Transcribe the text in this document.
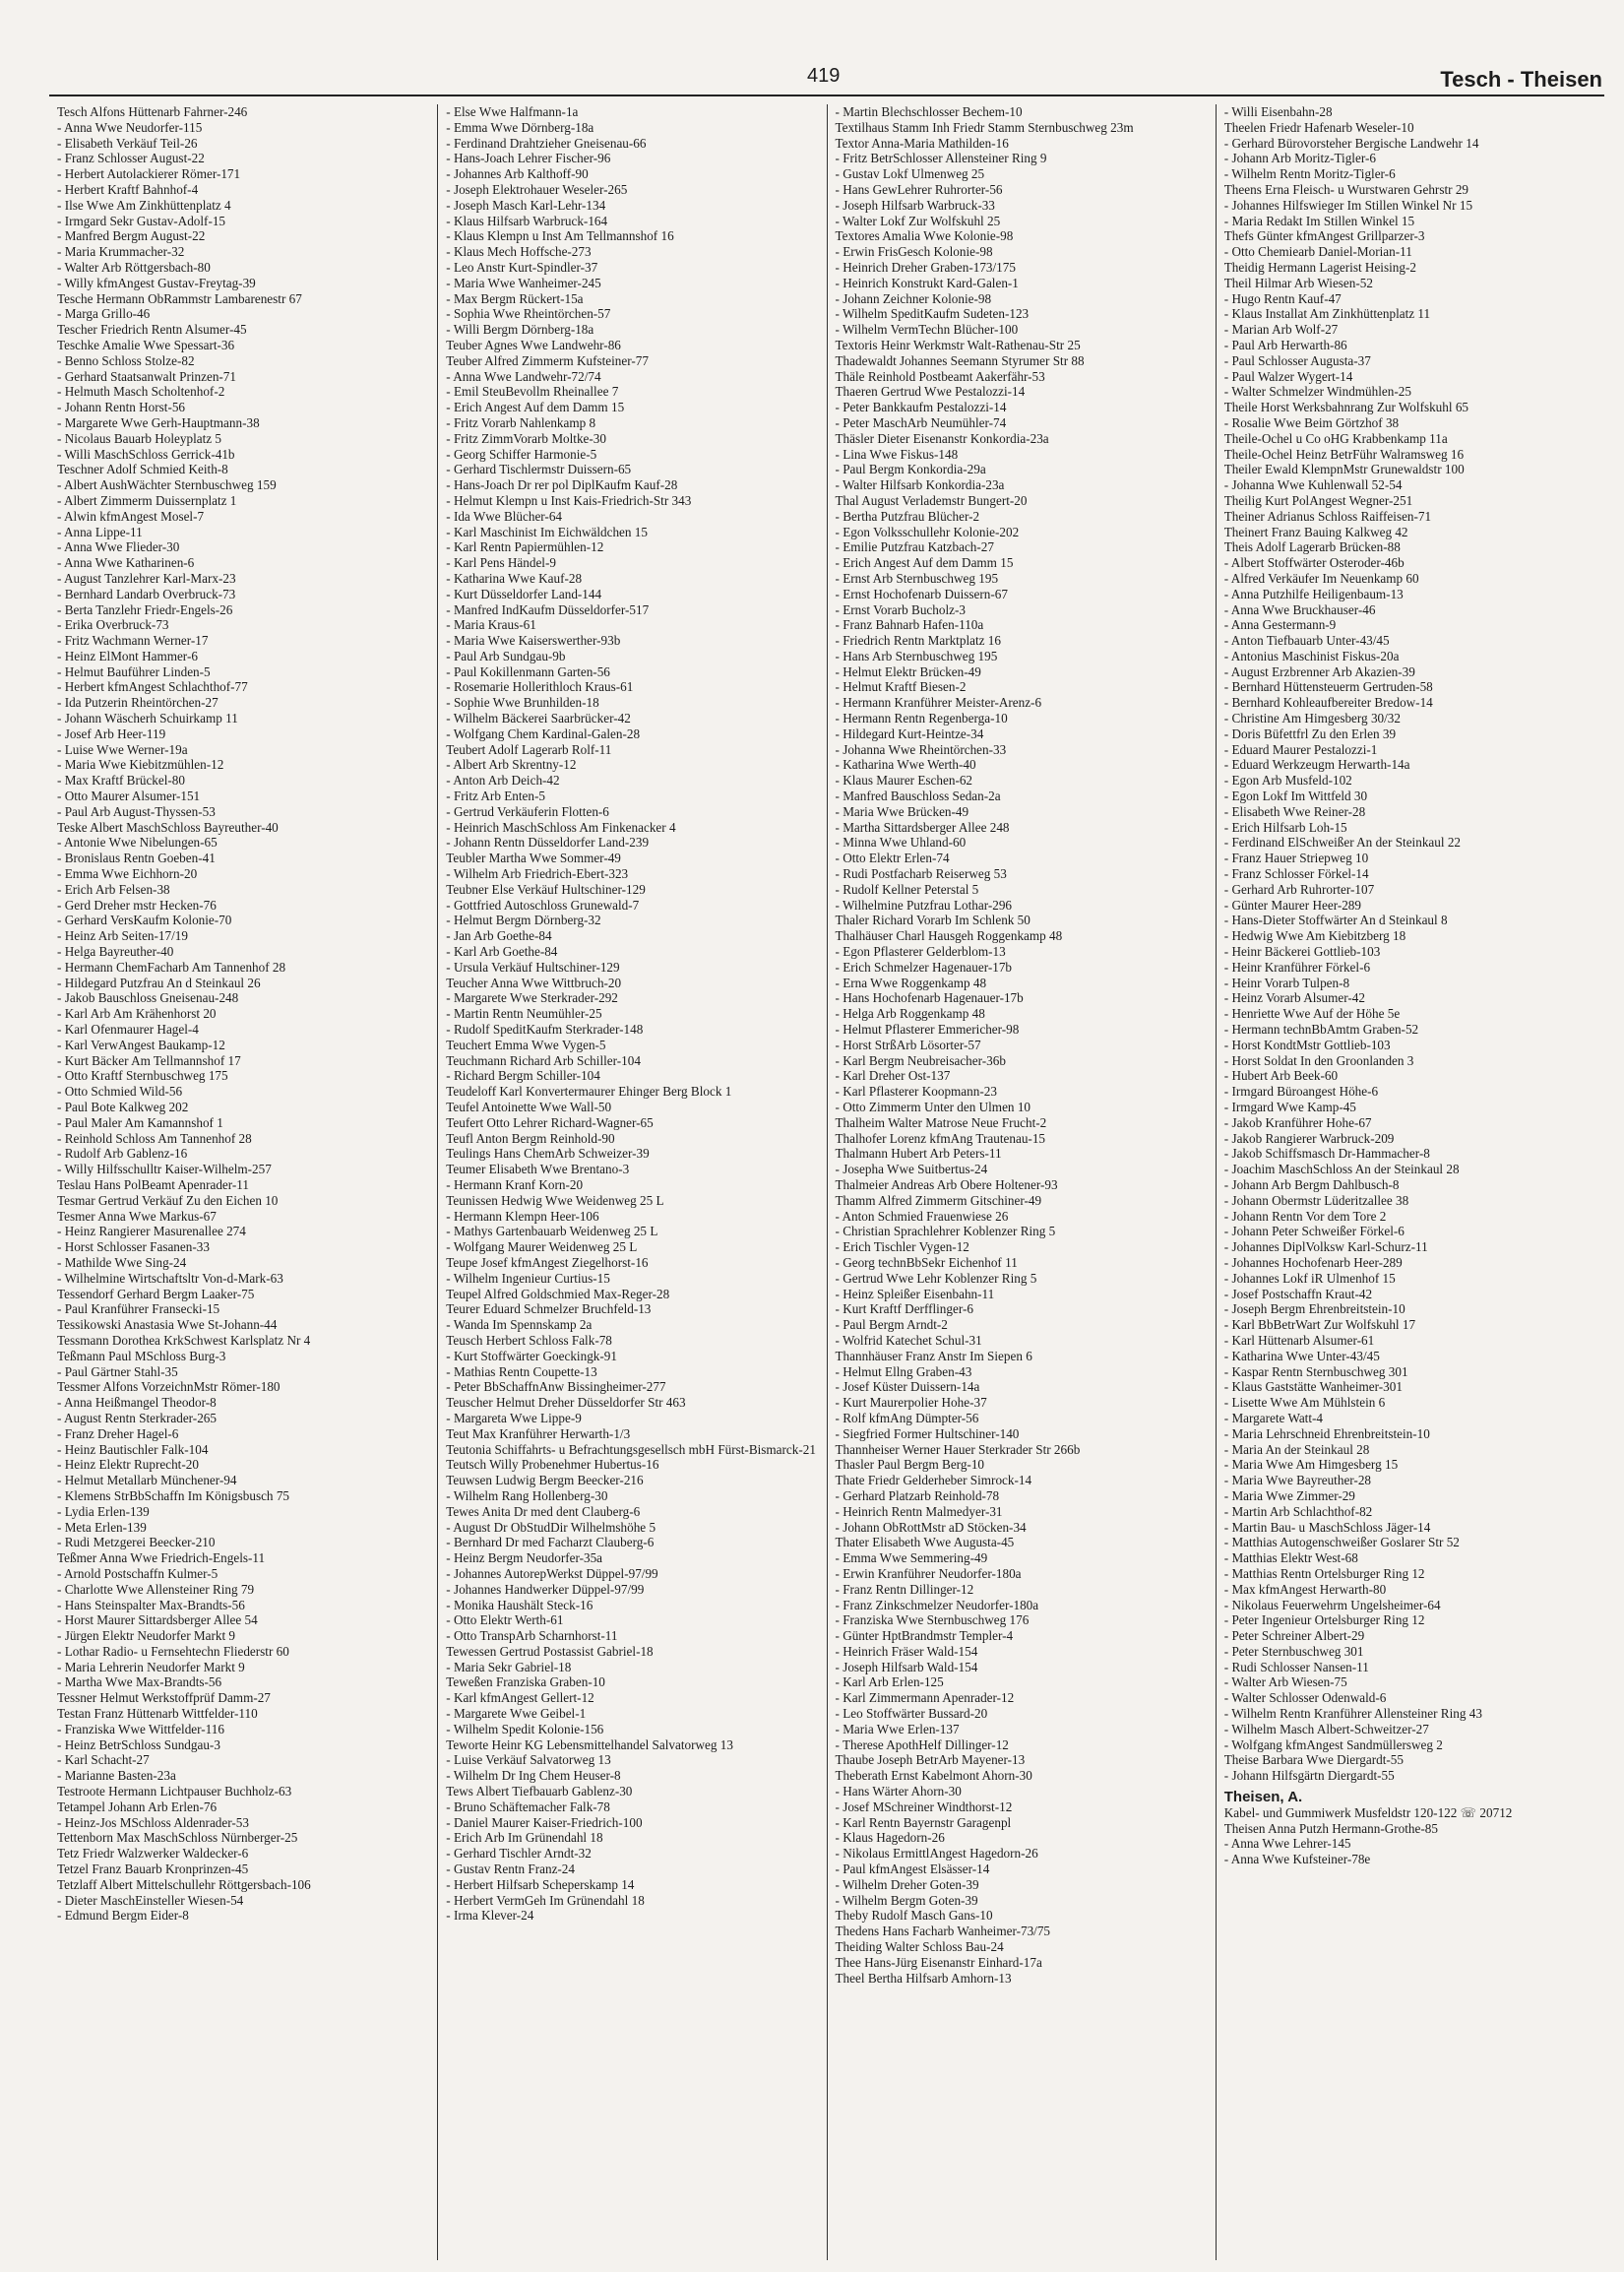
419	Tesch - Theisen
Tesch Alfons Hüttenarb Fahrner-246
- Anna Wwe Neudorfer-115
- Elisabeth Verkäuf Teil-26
- Franz Schlosser August-22
- Herbert Autolackierer Römer-171
- Herbert Kraftf Bahnhof-4
- Ilse Wwe Am Zinkhüttenplatz 4
- Irmgard Sekr Gustav-Adolf-15
- Manfred Bergm August-22
- Maria Krummacher-32
- Walter Arb Röttgersbach-80
- Willy kfmAngest Gustav-Freytag-39
Tesche Hermann ObRammstr Lambarenestr 67
- Marga Grillo-46
Tescher Friedrich Rentn Alsumer-45
Teschke Amalie Wwe Spessart-36
- Benno Schloss Stolze-82
- Gerhard Staatsanwalt Prinzen-71
- Helmuth Masch Scholtenhof-2
- Johann Rentn Horst-56
- Margarete Wwe Gerh-Hauptmann-38
- Nicolaus Bauarb Holeyplatz 5
- Willi MaschSchloss Gerrick-41b
Teschner Adolf Schmied Keith-8
- Albert AushWächter Sternbuschweg 159
- Albert Zimmerm Duissernplatz 1
- Alwin kfmAngest Mosel-7
- Anna Lippe-11
- Anna Wwe Flieder-30
- Anna Wwe Katharinen-6
- August Tanzlehrer Karl-Marx-23
- Bernhard Landarb Overbruck-73
- Berta Tanzlehr Friedr-Engels-26
- Erika Overbruck-73
- Fritz Wachmann Werner-17
- Heinz ElMont Hammer-6
- Helmut Bauführer Linden-5
- Herbert kfmAngest Schlachthof-77
- Ida Putzerin Rheintörchen-27
- Johann Wäscherh Schuirkamp 11
- Josef Arb Heer-119
- Luise Wwe Werner-19a
- Maria Wwe Kiebitzmühlen-12
- Max Kraftf Brückel-80
- Otto Maurer Alsumer-151
- Paul Arb August-Thyssen-53
Teske Albert MaschSchloss Bayreuther-40
- Antonie Wwe Nibelungen-65
- Bronislaus Rentn Goeben-41
- Emma Wwe Eichhorn-20
- Erich Arb Felsen-38
- Gerd Dreher mstr Hecken-76
- Gerhard VersKaufm Kolonie-70
- Heinz Arb Seiten-17/19
- Helga Bayreuther-40
- Hermann ChemFacharb Am Tannenhof 28
- Hildegard Putzfrau An d Steinkaul 26
- Jakob Bauschloss Gneisenau-248
- Karl Arb Am Krähenhorst 20
- Karl Ofenmaurer Hagel-4
- Karl VerwAngest Baukamp-12
- Kurt Bäcker Am Tellmannshof 17
- Otto Kraftf Sternbuschweg 175
- Otto Schmied Wild-56
- Paul Bote Kalkweg 202
- Paul Maler Am Kamannshof 1
- Reinhold Schloss Am Tannenhof 28
- Rudolf Arb Gablenz-16
- Willy Hilfsschulltr Kaiser-Wilhelm-257
Teslau Hans PolBeamt Apenrader-11
Tesmar Gertrud Verkäuf Zu den Eichen 10
Tesmer Anna Wwe Markus-67
- Heinz Rangierer Masurenallee 274
- Horst Schlosser Fasanen-33
- Mathilde Wwe Sing-24
- Wilhelmine Wirtschaftsltr Von-d-Mark-63
Tessendorf Gerhard Bergm Laaker-75
- Paul Kranführer Fransecki-15
Tessikowski Anastasia Wwe St-Johann-44
Tessmann Dorothea KrkSchwest Karlsplatz Nr 4
Teßmann Paul MSchloss Burg-3
- Paul Gärtner Stahl-35
Tessmer Alfons VorzeichnMstr Römer-180
- Anna Heißmangel Theodor-8
- August Rentn Sterkrader-265
- Franz Dreher Hagel-6
- Heinz Bautischler Falk-104
- Heinz Elektr Ruprecht-20
- Helmut Metallarb Münchener-94
- Klemens StrBbSchaffn Im Königsbusch 75
- Lydia Erlen-139
- Meta Erlen-139
- Rudi Metzgerei Beecker-210
Teßmer Anna Wwe Friedrich-Engels-11
- Arnold Postschaffn Kulmer-5
- Charlotte Wwe Allensteiner Ring 79
- Hans Steinspalter Max-Brandts-56
- Horst Maurer Sittardsberger Allee 54
- Jürgen Elektr Neudorfer Markt 9
- Lothar Radio- u Fernsehtechn Fliederstr 60
- Maria Lehrerin Neudorfer Markt 9
- Martha Wwe Max-Brandts-56
Tessner Helmut Werkstoffprüf Damm-27
Testan Franz Hüttenarb Wittfelder-110
- Franziska Wwe Wittfelder-116
- Heinz BetrSchloss Sundgau-3
- Karl Schacht-27
- Marianne Basten-23a
Testroote Hermann Lichtpauser Buchholz-63
Tetampel Johann Arb Erlen-76
- Heinz-Jos MSchloss Aldenrader-53
Tettenborn Max MaschSchloss Nürnberger-25
Tetz Friedr Walzwerker Waldecker-6
Tetzel Franz Bauarb Kronprinzen-45
Tetzlaff Albert Mittelschullehr Röttgersbach-106
- Dieter MaschEinsteller Wiesen-54
- Edmund Bergm Eider-8
- Else Wwe Halfmann-1a
- Emma Wwe Dörnberg-18a
- Ferdinand Drahtzieher Gneisenau-66
- Hans-Joach Lehrer Fischer-96
- Johannes Arb Kalthoff-90
- Joseph Elektrohauer Weseler-265
- Joseph Masch Karl-Lehr-134
- Klaus Hilfsarb Warbruck-164
- Klaus Klempn u Inst Am Tellmannshof 16
- Klaus Mech Hoffsche-273
- Leo Anstr Kurt-Spindler-37
- Maria Wwe Wanheimer-245
- Max Bergm Rückert-15a
- Sophia Wwe Rheintörchen-57
- Willi Bergm Dörnberg-18a
Teuber Agnes Wwe Landwehr-86
Teuber Alfred Zimmerm Kufsteiner-77
- Anna Wwe Landwehr-72/74
- Emil SteuBevollm Rheinallee 7
- Erich Angest Auf dem Damm 15
- Fritz Vorarb Nahlenkamp 8
- Fritz ZimmVorarb Moltke-30
- Georg Schiffer Harmonie-5
- Gerhard Tischlermstr Duissern-65
- Hans-Joach Dr rer pol DiplKaufm Kauf-28
- Helmut Klempn u Inst Kais-Friedrich-Str 343
- Ida Wwe Blücher-64
- Karl Maschinist Im Eichwäldchen 15
- Karl Rentn Papiermühlen-12
- Karl Pens Händel-9
- Katharina Wwe Kauf-28
- Kurt Düsseldorfer Land-144
- Manfred IndKaufm Düsseldorfer-517
- Maria Kraus-61
- Maria Wwe Kaiserswerther-93b
- Paul Arb Sundgau-9b
- Paul Kokillenmann Garten-56
- Rosemarie Hollerithloch Kraus-61
- Sophie Wwe Brunhilden-18
- Wilhelm Bäckerei Saarbrücker-42
- Wolfgang Chem Kardinal-Galen-28
Teubert Adolf Lagerarb Rolf-11
- Albert Arb Skrentny-12
- Anton Arb Deich-42
- Fritz Arb Enten-5
- Gertrud Verkäuferin Flotten-6
- Heinrich MaschSchloss Am Finkenacker 4
- Johann Rentn Düsseldorfer Land-239
Teubler Martha Wwe Sommer-49
- Wilhelm Arb Friedrich-Ebert-323
Teubner Else Verkäuf Hultschiner-129
- Gottfried Autoschloss Grunewald-7
- Helmut Bergm Dörnberg-32
- Jan Arb Goethe-84
- Karl Arb Goethe-84
- Ursula Verkäuf Hultschiner-129
Teucher Anna Wwe Wittbruch-20
- Margarete Wwe Sterkrader-292
- Martin Rentn Neumühler-25
- Rudolf SpeditKaufm Sterkrader-148
Teuchert Emma Wwe Vygen-5
Teuchmann Richard Arb Schiller-104
- Richard Bergm Schiller-104
Teudeloff Karl Konvertermaurer Ehinger Berg Block 1
Teufel Antoinette Wwe Wall-50
Teufert Otto Lehrer Richard-Wagner-65
Teufl Anton Bergm Reinhold-90
Teulings Hans ChemArb Schweizer-39
Teumer Elisabeth Wwe Brentano-3
- Hermann Kranf Korn-20
Teunissen Hedwig Wwe Weidenweg 25 L
- Hermann Klempn Heer-106
- Mathys Gartenbauarb Weidenweg 25 L
- Wolfgang Maurer Weidenweg 25 L
Teupe Josef kfmAngest Ziegelhorst-16
- Wilhelm Ingenieur Curtius-15
Teupel Alfred Goldschmied Max-Reger-28
Teurer Eduard Schmelzer Bruchfeld-13
- Wanda Im Spennskamp 2a
Teusch Herbert Schloss Falk-78
- Kurt Stoffwärter Goeckingk-91
- Mathias Rentn Coupette-13
- Peter BbSchaffnAnw Bissingheimer-277
Teuscher Helmut Dreher Düsseldorfer Str 463
- Margareta Wwe Lippe-9
Teut Max Kranführer Herwarth-1/3
Teutonia Schiffahrts- u Befrachtungsgesellsch mbH Fürst-Bismarck-21
Teutsch Willy Probenehmer Hubertus-16
Teuwsen Ludwig Bergm Beecker-216
- Wilhelm Rang Hollenberg-30
Tewes Anita Dr med dent Clauberg-6
- August Dr ObStudDir Wilhelmshöhe 5
- Bernhard Dr med Facharzt Clauberg-6
- Heinz Bergm Neudorfer-35a
- Johannes AutorepWerkst Düppel-97/99
- Johannes Handwerker Düppel-97/99
- Monika Haushält Steck-16
- Otto Elektr Werth-61
- Otto TranspArb Scharnhorst-11
Tewessen Gertrud Postassist Gabriel-18
- Maria Sekr Gabriel-18
Teweßen Franziska Graben-10
- Karl kfmAngest Gellert-12
- Margarete Wwe Geibel-1
- Wilhelm Spedit Kolonie-156
Teworte Heinr KG Lebensmittelhandel Salvatorweg 13
- Luise Verkäuf Salvatorweg 13
- Wilhelm Dr Ing Chem Heuser-8
Tews Albert Tiefbauarb Gablenz-30
- Bruno Schäftemacher Falk-78
- Daniel Maurer Kaiser-Friedrich-100
- Erich Arb Im Grünendahl 18
- Gerhard Tischler Arndt-32
- Gustav Rentn Franz-24
- Herbert Hilfsarb Scheperskamp 14
- Herbert VermGeh Im Grünendahl 18
- Irma Klever-24
- Martin Blechschlosser Bechem-10
Textilhaus Stamm Inh Friedr Stamm Sternbuschweg 23m
Textor Anna-Maria Mathilden-16
- Fritz BetrSchlosser Allensteiner Ring 9
- Gustav Lokf Ulmenweg 25
- Hans GewLehrer Ruhrorter-56
- Joseph Hilfsarb Warbruck-33
- Walter Lokf Zur Wolfskuhl 25
Textores Amalia Wwe Kolonie-98
- Erwin FrisGesch Kolonie-98
- Heinrich Dreher Graben-173/175
- Heinrich Konstrukt Kard-Galen-1
- Johann Zeichner Kolonie-98
- Wilhelm SpeditKaufm Sudeten-123
- Wilhelm VermTechn Blücher-100
Textoris Heinr Werkmstr Walt-Rathenau-Str 25
Thadewaldt Johannes Seemann Styrumer Str 88
Thäle Reinhold Postbeamt Aakerfähr-53
Thaeren Gertrud Wwe Pestalozzi-14
- Peter Bankkaufm Pestalozzi-14
- Peter MaschArb Neumühler-74
Thäsler Dieter Eisenanstr Konkordia-23a
- Lina Wwe Fiskus-148
- Paul Bergm Konkordia-29a
- Walter Hilfsarb Konkordia-23a
Thal August Verlademstr Bungert-20
- Bertha Putzfrau Blücher-2
- Egon Volksschullehr Kolonie-202
- Emilie Putzfrau Katzbach-27
- Erich Angest Auf dem Damm 15
- Ernst Arb Sternbuschweg 195
- Ernst Hochofenarb Duissern-67
- Ernst Vorarb Bucholz-3
- Franz Bahnarb Hafen-110a
- Friedrich Rentn Marktplatz 16
- Hans Arb Sternbuschweg 195
- Helmut Elektr Brücken-49
- Helmut Kraftf Biesen-2
- Hermann Kranführer Meister-Arenz-6
- Hermann Rentn Regenberga-10
- Hildegard Kurt-Heintze-34
- Johanna Wwe Rheintörchen-33
- Katharina Wwe Werth-40
- Klaus Maurer Eschen-62
- Manfred Bauschloss Sedan-2a
- Maria Wwe Brücken-49
- Martha Sittardsberger Allee 248
- Minna Wwe Uhland-60
- Otto Elektr Erlen-74
- Rudi Postfacharb Reiserweg 53
- Rudolf Kellner Peterstal 5
- Wilhelmine Putzfrau Lothar-296
Thaler Richard Vorarb Im Schlenk 50
Thalhäuser Charl Hausgeh Roggenkamp 48
- Egon Pflasterer Gelderblom-13
- Erich Schmelzer Hagenauer-17b
- Erna Wwe Roggenkamp 48
- Hans Hochofenarb Hagenauer-17b
- Helga Arb Roggenkamp 48
- Helmut Pflasterer Emmericher-98
- Horst StrßArb Lösorter-57
- Karl Bergm Neubreisacher-36b
- Karl Dreher Ost-137
- Karl Pflasterer Koopmann-23
- Otto Zimmerm Unter den Ulmen 10
Thalheim Walter Matrose Neue Frucht-2
Thalhofer Lorenz kfmAng Trautenau-15
Thalmann Hubert Arb Peters-11
- Josepha Wwe Suitbertus-24
Thalmeier Andreas Arb Obere Holtener-93
Thamm Alfred Zimmerm Gitschiner-49
- Anton Schmied Frauenwiese 26
- Christian Sprachlehrer Koblenzer Ring 5
- Erich Tischler Vygen-12
- Georg technBbSekr Eichenhof 11
- Gertrud Wwe Lehr Koblenzer Ring 5
- Heinz Spleißer Eisenbahn-11
- Kurt Kraftf Derfflinger-6
- Paul Bergm Arndt-2
- Wolfrid Katechet Schul-31
Thannhäuser Franz Anstr Im Siepen 6
- Helmut Ellng Graben-43
- Josef Küster Duissern-14a
- Kurt Maurerpolier Hohe-37
- Rolf kfmAng Dümpter-56
- Siegfried Former Hultschiner-140
Thannheiser Werner Hauer Sterkrader Str 266b
Thasler Paul Bergm Berg-10
Thate Friedr Gelderheber Simrock-14
- Gerhard Platzarb Reinhold-78
- Heinrich Rentn Malmedyer-31
- Johann ObRottMstr aD Stöcken-34
Thater Elisabeth Wwe Augusta-45
- Emma Wwe Semmering-49
- Erwin Kranführer Neudorfer-180a
- Franz Rentn Dillinger-12
- Franz Zinkschmelzer Neudorfer-180a
- Franziska Wwe Sternbuschweg 176
- Günter HptBrandmstr Templer-4
- Heinrich Fräser Wald-154
- Joseph Hilfsarb Wald-154
- Karl Arb Erlen-125
- Karl Zimmermann Apenrader-12
- Leo Stoffwärter Bussard-20
- Maria Wwe Erlen-137
- Therese ApothHelf Dillinger-12
Thaube Joseph BetrArb Mayener-13
Theberath Ernst Kabelmont Ahorn-30
- Hans Wärter Ahorn-30
- Josef MSchreiner Windthorst-12
- Karl Rentn Bayernstr Garagenpl
- Klaus Hagedorn-26
- Nikolaus ErmittlAngest Hagedorn-26
- Paul kfmAngest Elsässer-14
- Wilhelm Dreher Goten-39
- Wilhelm Bergm Goten-39
Theby Rudolf Masch Gans-10
Thedens Hans Facharb Wanheimer-73/75
Theiding Walter Schloss Bau-24
Thee Hans-Jürg Eisenanstr Einhard-17a
Theel Bertha Hilfsarb Amhorn-13
- Willi Eisenbahn-28
Theelen Friedr Hafenarb Weseler-10
- Gerhard Bürovorsteher Bergische Landwehr 14
- Johann Arb Moritz-Tigler-6
- Wilhelm Rentn Moritz-Tigler-6
Theens Erna Fleisch- u Wurstwaren Gehrstr 29
- Johannes Hilfswieger Im Stillen Winkel Nr 15
- Maria Redakt Im Stillen Winkel 15
Thefs Günter kfmAngest Grillparzer-3
- Otto Chemiearb Daniel-Morian-11
Theidig Hermann Lagerist Heising-2
Theil Hilmar Arb Wiesen-52
- Hugo Rentn Kauf-47
- Klaus Installat Am Zinkhüttenplatz 11
- Marian Arb Wolf-27
- Paul Arb Herwarth-86
- Paul Schlosser Augusta-37
- Paul Walzer Wygert-14
- Walter Schmelzer Windmühlen-25
Theile Horst Werksbahnrang Zur Wolfskuhl 65
- Rosalie Wwe Beim Görtzhof 38
Theile-Ochel u Co oHG Krabbenkamp 11a
Theile-Ochel Heinz BetrFühr Walramsweg 16
Theiler Ewald KlempnMstr Grunewaldstr 100
- Johanna Wwe Kuhlenwall 52-54
Theilig Kurt PolAngest Wegner-251
Theiner Adrianus Schloss Raiffeisen-71
Theinert Franz Bauing Kalkweg 42
Theis Adolf Lagerarb Brücken-88
- Albert Stoffwärter Osteroder-46b
- Alfred Verkäufer Im Neuenkamp 60
- Anna Putzhilfe Heiligenbaum-13
- Anna Wwe Bruckhauser-46
- Anna Gestermann-9
- Anton Tiefbauarb Unter-43/45
- Antonius Maschinist Fiskus-20a
- August Erzbrenner Arb Akazien-39
- Bernhard Hüttensteuerm Gertruden-58
- Bernhard Kohleaufbereiter Bredow-14
- Christine Am Himgesberg 30/32
- Doris Büfettfrl Zu den Erlen 39
- Eduard Maurer Pestalozzi-1
- Eduard Werkzeugm Herwarth-14a
- Egon Arb Musfeld-102
- Egon Lokf Im Wittfeld 30
- Elisabeth Wwe Reiner-28
- Erich Hilfsarb Loh-15
- Ferdinand ElSchweißer An der Steinkaul 22
- Franz Hauer Striepweg 10
- Franz Schlosser Förkel-14
- Gerhard Arb Ruhrorter-107
- Günter Maurer Heer-289
- Hans-Dieter Stoffwärter An d Steinkaul 8
- Hedwig Wwe Am Kiebitzberg 18
- Heinr Bäckerei Gottlieb-103
- Heinr Kranführer Förkel-6
- Heinr Vorarb Tulpen-8
- Heinz Vorarb Alsumer-42
- Henriette Wwe Auf der Höhe 5e
- Hermann technBbAmtm Graben-52
- Horst KondtMstr Gottlieb-103
- Horst Soldat In den Groonlanden 3
- Hubert Arb Beek-60
- Irmgard Büroangest Höhe-6
- Irmgard Wwe Kamp-45
- Jakob Kranführer Hohe-67
- Jakob Rangierer Warbruck-209
- Jakob Schiffsmasch Dr-Hammacher-8
- Joachim MaschSchloss An der Steinkaul 28
- Johann Arb Bergm Dahlbusch-8
- Johann Obermstr Lüderitzallee 38
- Johann Rentn Vor dem Tore 2
- Johann Peter Schweißer Förkel-6
- Johannes DiplVolksw Karl-Schurz-11
- Johannes Hochofenarb Heer-289
- Johannes Lokf iR Ulmenhof 15
- Josef Postschaffn Kraut-42
- Joseph Bergm Ehrenbreitstein-10
- Karl BbBetrWart Zur Wolfskuhl 17
- Karl Hüttenarb Alsumer-61
- Katharina Wwe Unter-43/45
- Kaspar Rentn Sternbuschweg 301
- Klaus Gaststätte Wanheimer-301
- Lisette Wwe Am Mühlstein 6
- Margarete Watt-4
- Maria Lehrschneid Ehrenbreitstein-10
- Maria An der Steinkaul 28
- Maria Wwe Am Himgesberg 15
- Maria Wwe Bayreuther-28
- Maria Wwe Zimmer-29
- Martin Arb Schlachthof-82
- Martin Bau- u MaschSchloss Jäger-14
- Matthias Autogenschweißer Goslarer Str 52
- Matthias Elektr West-68
- Matthias Rentn Ortelsburger Ring 12
- Max kfmAngest Herwarth-80
- Nikolaus Feuerwehrm Ungelsheimer-64
- Peter Ingenieur Ortelsburger Ring 12
- Peter Schreiner Albert-29
- Peter Sternbuschweg 301
- Rudi Schlosser Nansen-11
- Walter Arb Wiesen-75
- Walter Schlosser Odenwald-6
- Wilhelm Rentn Kranführer Allensteiner Ring 43
- Wilhelm Masch Albert-Schweitzer-27
- Wolfgang kfmAngest Sandmüllersweg 2
Theise Barbara Wwe Diergardt-55
- Johann Hilfsgärtn Diergardt-55
Theisen, A.
Kabel- und Gummiwerk Musfeldstr 120-122 ☏ 20712
Theisen Anna Putzh Hermann-Grothe-85
- Anna Wwe Lehrer-145
- Anna Wwe Kufsteiner-78e
